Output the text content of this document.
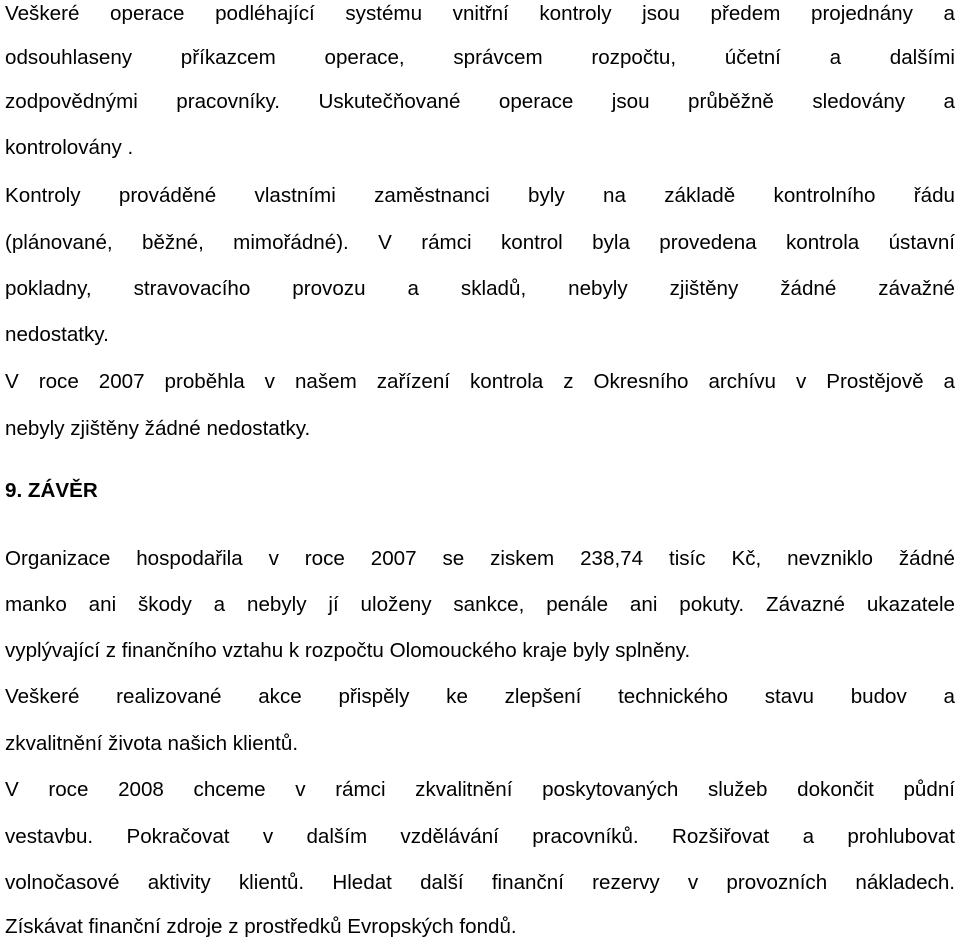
Veškeré operace podléhající systému vnitřní kontroly jsou předem projednány a
odsouhlaseny příkazcem operace, správcem rozpočtu, účetní a dalšími
zodpovědnými pracovníky. Uskutečňované operace jsou průběžně sledovány a
kontrolovány .
Kontroly prováděné vlastními zaměstnanci byly na základě kontrolního řádu
(plánované, běžné, mimořádné). V rámci kontrol byla provedena kontrola ústavní
pokladny, stravovacího provozu a skladů, nebyly zjištěny žádné závažné
nedostatky.
V roce 2007 proběhla v našem zařízení kontrola z Okresního archívu v Prostějově a
nebyly zjištěny žádné nedostatky.
9. ZÁVĚR
Organizace hospodařila v roce 2007 se ziskem 238,74 tisíc Kč, nevzniklo žádné
manko ani škody a nebyly jí uloženy sankce, penále ani pokuty. Závazné ukazatele
vyplývající z finančního vztahu k rozpočtu Olomouckého kraje byly splněny.
Veškeré realizované akce přispěly ke zlepšení technického stavu budov a
zkvalitnění života našich klientů.
V roce 2008 chceme v rámci zkvalitnění poskytovaných služeb dokončit půdní
vestavbu. Pokračovat v dalším vzdělávání pracovníků. Rozšiřovat a prohlubovat
volnočasové aktivity klientů. Hledat další finanční rezervy v provozních nákladech.
Získávat finanční zdroje z prostředků Evropských fondů.
